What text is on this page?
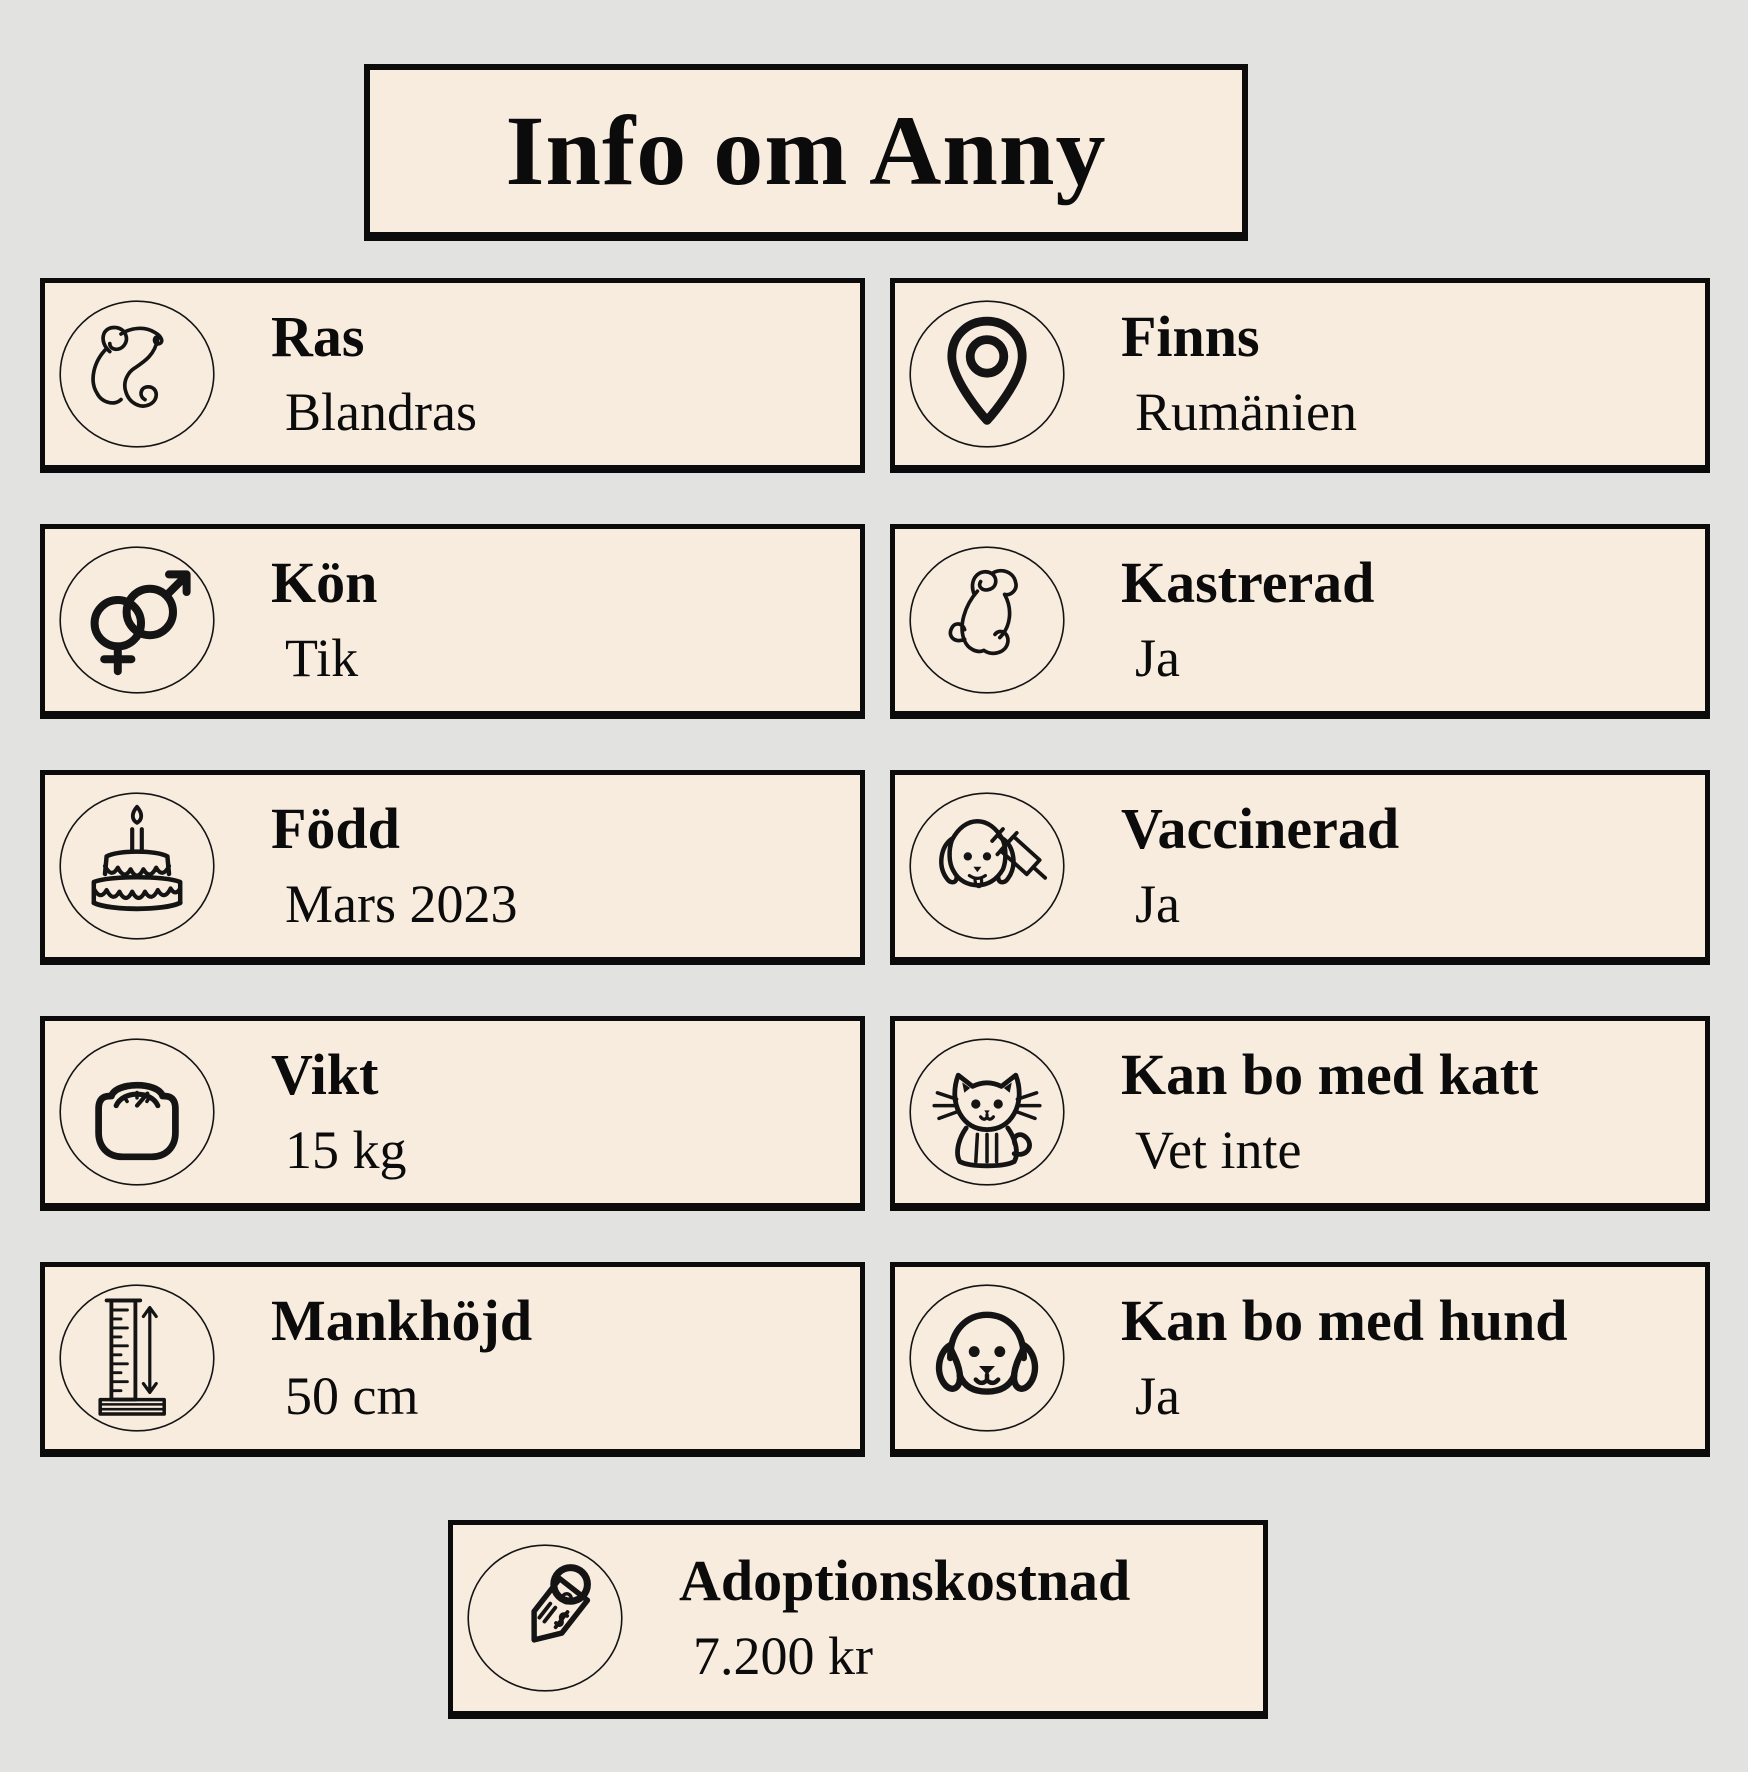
Info om Anny
Ras
Blandras
Finns
Rumänien
Kön
Tik
Kastrerad
Ja
Född
Mars 2023
Vaccinerad
Ja
Vikt
15 kg
Kan bo med katt
Vet inte
Mankhöjd
50 cm
Kan bo med hund
Ja
Adoptionskostnad
7.200 kr
